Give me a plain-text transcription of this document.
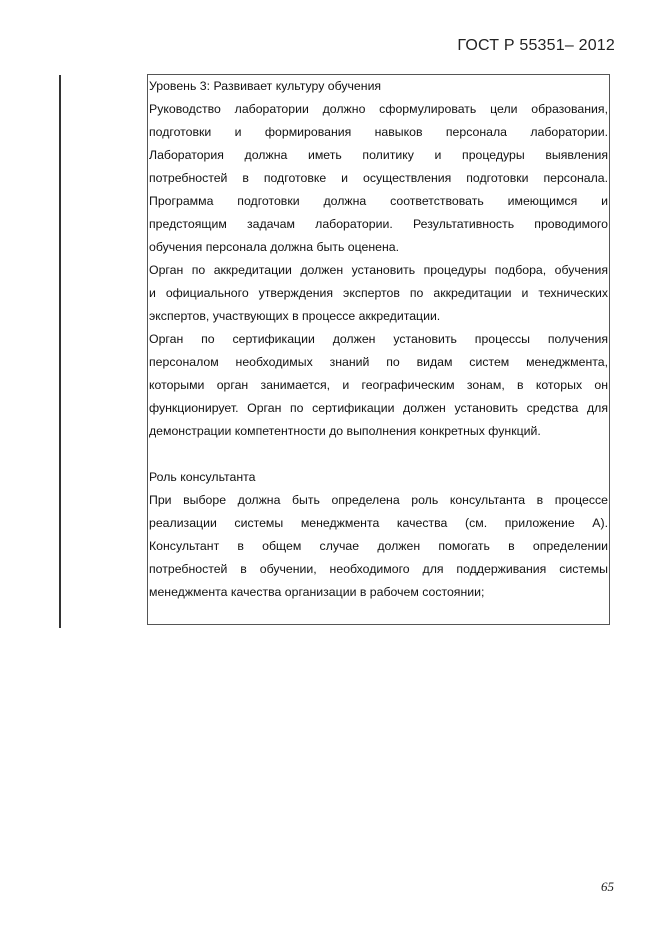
ГОСТ Р 55351– 2012
Уровень 3: Развивает культуру обучения
Руководство лаборатории должно сформулировать цели образования,
подготовки и формирования навыков персонала лаборатории.
Лаборатория должна иметь политику и процедуры выявления
потребностей в подготовке и осуществления подготовки персонала.
Программа подготовки должна соответствовать имеющимся и
предстоящим задачам лаборатории. Результативность проводимого
обучения персонала должна быть оценена.
Орган по аккредитации должен установить процедуры подбора, обучения
и официального утверждения экспертов по аккредитации и технических
экспертов, участвующих в процессе аккредитации.
Орган по сертификации должен установить процессы получения
персоналом необходимых знаний по видам систем менеджмента,
которыми орган занимается, и географическим зонам, в которых он
функционирует. Орган по сертификации должен установить средства для
демонстрации компетентности до выполнения конкретных функций.
Роль консультанта
При выборе должна быть определена роль консультанта в процессе
реализации системы менеджмента качества (см. приложение А).
Консультант в общем случае должен помогать в определении
потребностей в обучении, необходимого для поддерживания системы
менеджмента качества организации в рабочем состоянии;
65
